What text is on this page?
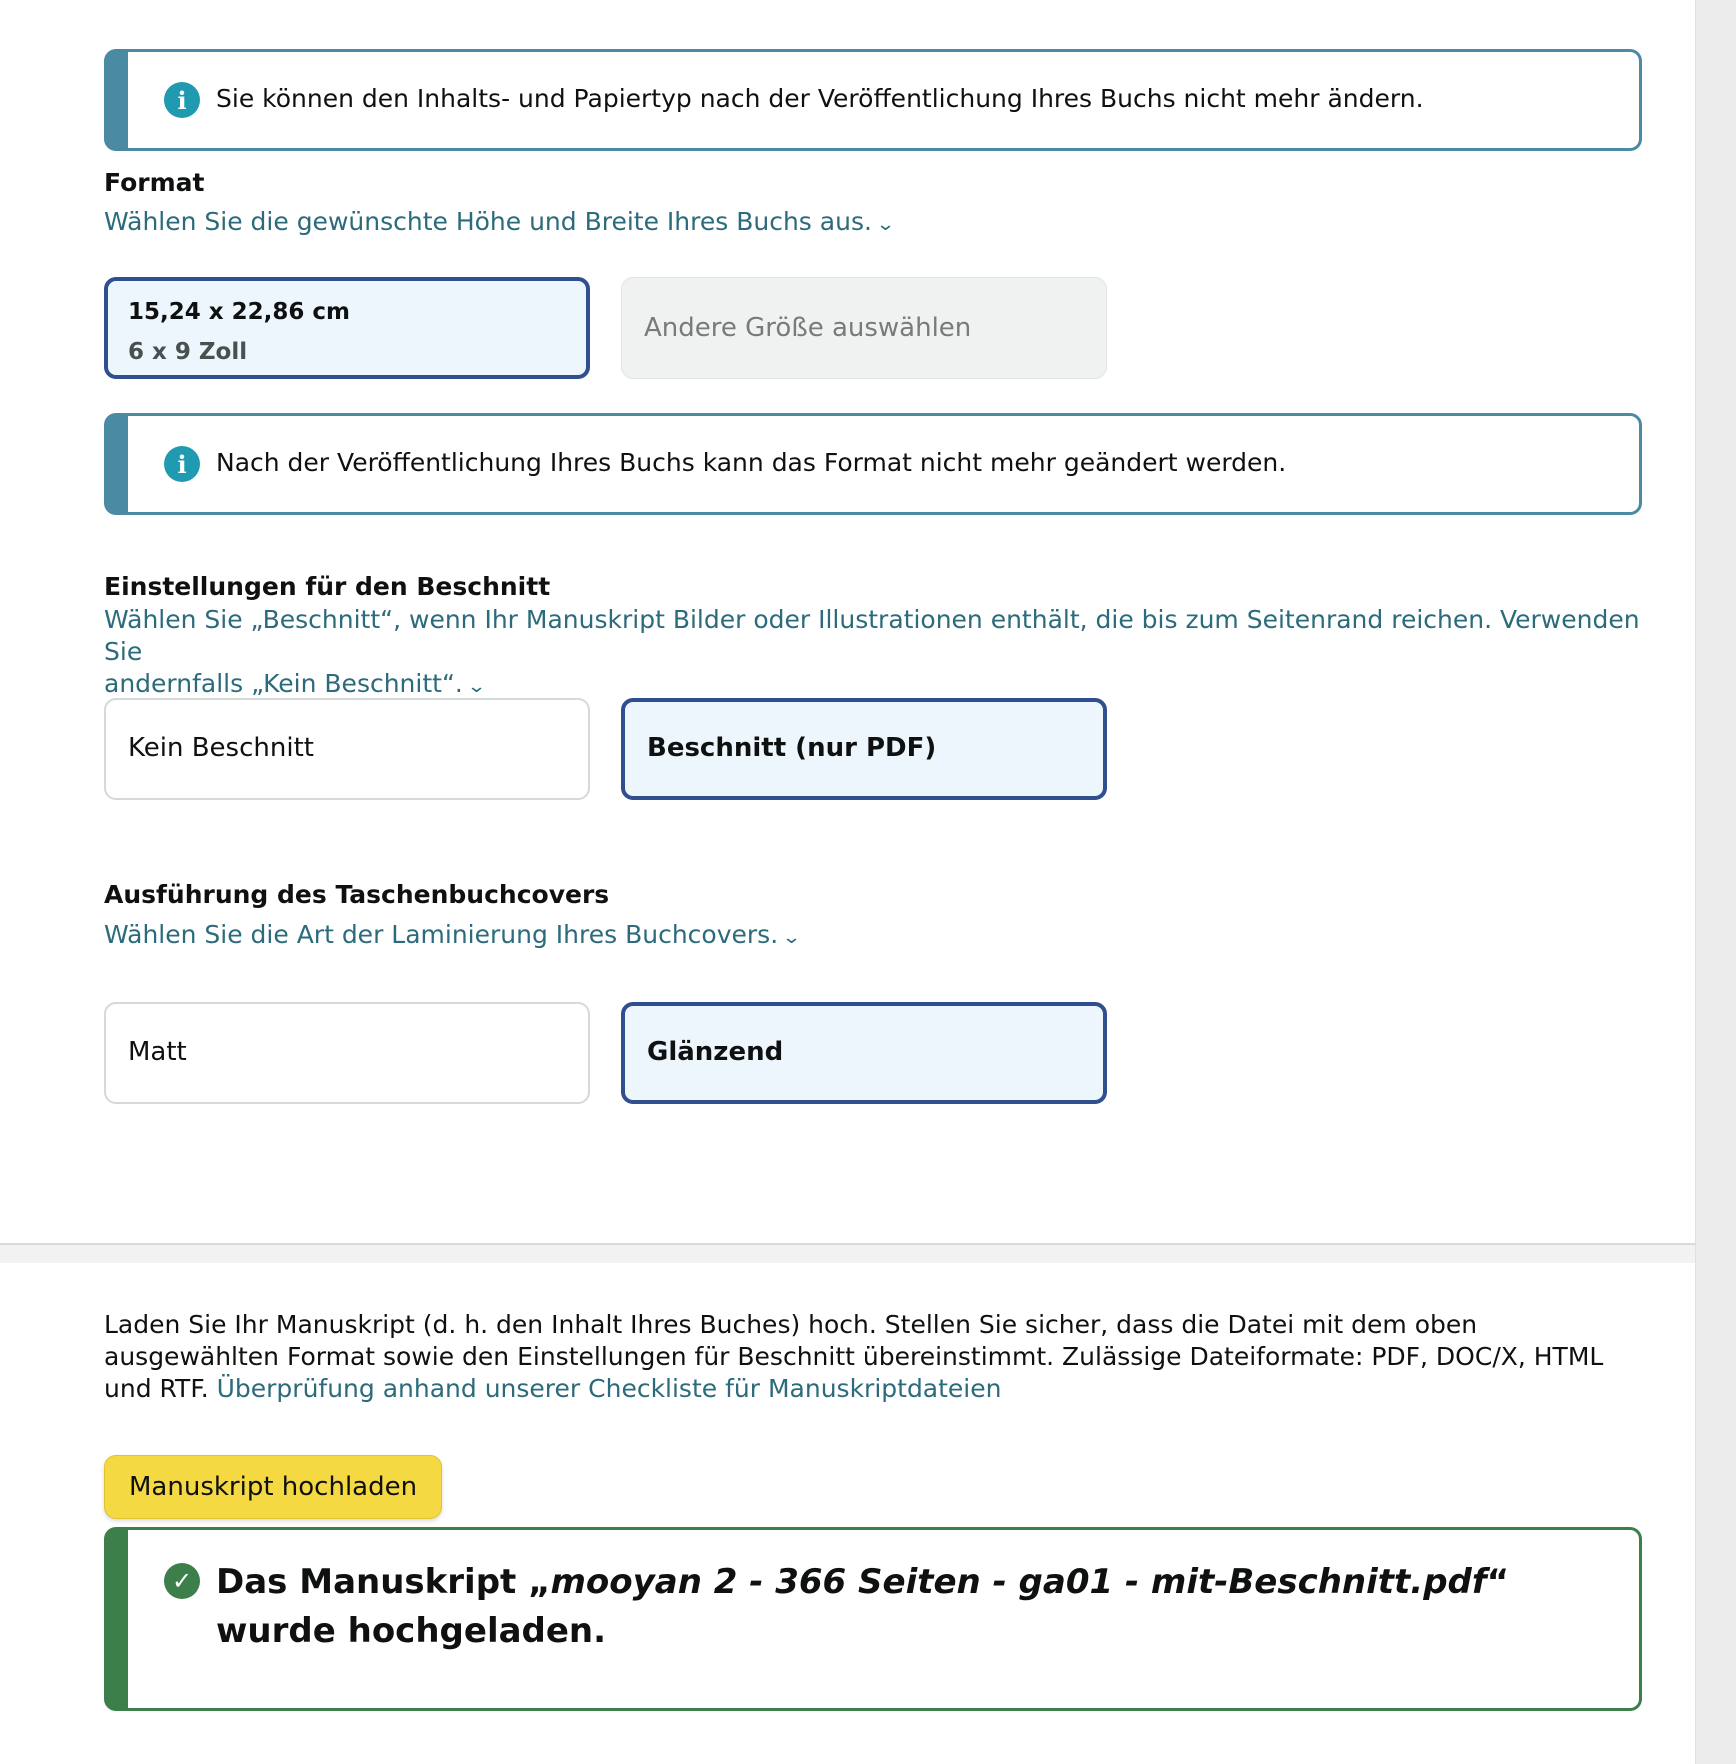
i	Sie können den Inhalts- und Papiertyp nach der Veröffentlichung Ihres Buchs nicht mehr ändern.
Format
Wählen Sie die gewünschte Höhe und Breite Ihres Buchs aus. ⌄
15,24 x 22,86 cm
6 x 9 Zoll
Andere Größe auswählen
i	Nach der Veröffentlichung Ihres Buchs kann das Format nicht mehr geändert werden.
Einstellungen für den Beschnitt
Wählen Sie „Beschnitt“, wenn Ihr Manuskript Bilder oder Illustrationen enthält, die bis zum Seitenrand reichen. Verwenden Sie
andernfalls „Kein Beschnitt“. ⌄
Kein Beschnitt	Beschnitt (nur PDF)
Ausführung des Taschenbuchcovers
Wählen Sie die Art der Laminierung Ihres Buchcovers. ⌄
Matt	Glänzend
Laden Sie Ihr Manuskript (d. h. den Inhalt Ihres Buches) hoch. Stellen Sie sicher, dass die Datei mit dem oben ausgewählten Format sowie den Einstellungen für Beschnitt übereinstimmt. Zulässige Dateiformate: PDF, DOC/X, HTML und RTF. Überprüfung anhand unserer Checkliste für Manuskriptdateien
Manuskript hochladen
✓ Das Manuskript „mooyan 2 - 366 Seiten - ga01 - mit-Beschnitt.pdf“ wurde hochgeladen.
